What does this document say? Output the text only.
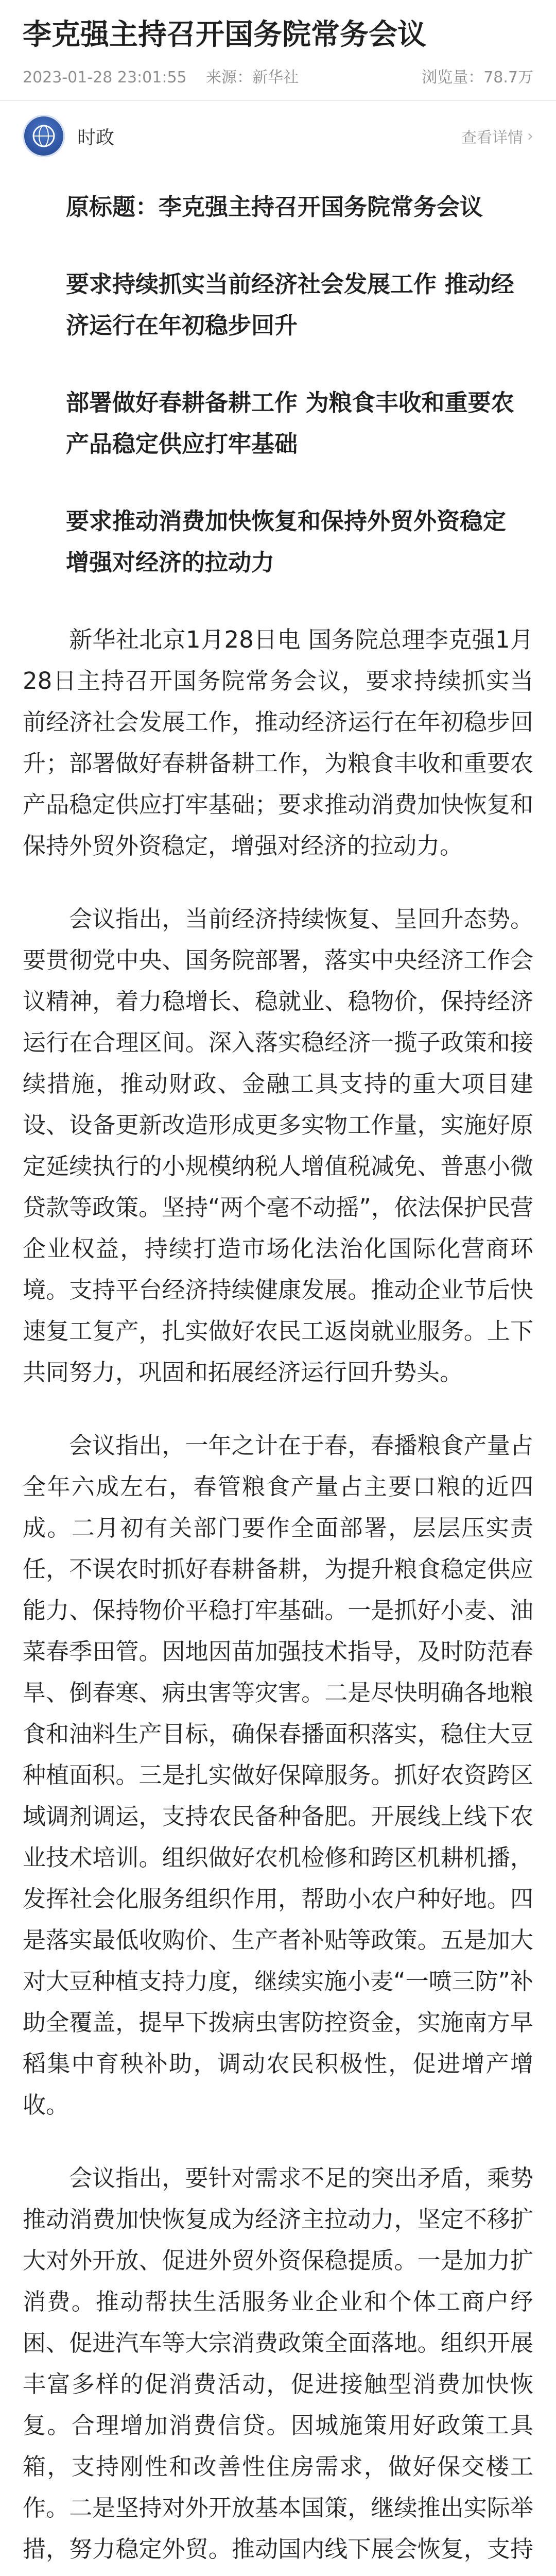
李克强主持召开国务院常务会议
2023-01-28 23:01:55 来源：新华社	浏览量：78.7万
时政	查看详情 ›

原标题：李克强主持召开国务院常务会议

要求持续抓实当前经济社会发展工作 推动经济运行在年初稳步回升

部署做好春耕备耕工作 为粮食丰收和重要农产品稳定供应打牢基础

要求推动消费加快恢复和保持外贸外资稳定 增强对经济的拉动力

新华社北京1月28日电 国务院总理李克强1月28日主持召开国务院常务会议，要求持续抓实当前经济社会发展工作，推动经济运行在年初稳步回升；部署做好春耕备耕工作，为粮食丰收和重要农产品稳定供应打牢基础；要求推动消费加快恢复和保持外贸外资稳定，增强对经济的拉动力。

会议指出，当前经济持续恢复、呈回升态势。要贯彻党中央、国务院部署，落实中央经济工作会议精神，着力稳增长、稳就业、稳物价，保持经济运行在合理区间。深入落实稳经济一揽子政策和接续措施，推动财政、金融工具支持的重大项目建设、设备更新改造形成更多实物工作量，实施好原定延续执行的小规模纳税人增值税减免、普惠小微贷款等政策。坚持“两个毫不动摇”，依法保护民营企业权益，持续打造市场化法治化国际化营商环境。支持平台经济持续健康发展。推动企业节后快速复工复产，扎实做好农民工返岗就业服务。上下共同努力，巩固和拓展经济运行回升势头。

会议指出，一年之计在于春，春播粮食产量占全年六成左右，春管粮食产量占主要口粮的近四成。二月初有关部门要作全面部署，层层压实责任，不误农时抓好春耕备耕，为提升粮食稳定供应能力、保持物价平稳打牢基础。一是抓好小麦、油菜春季田管。因地因苗加强技术指导，及时防范春旱、倒春寒、病虫害等灾害。二是尽快明确各地粮食和油料生产目标，确保春播面积落实，稳住大豆种植面积。三是扎实做好保障服务。抓好农资跨区域调剂调运，支持农民备种备肥。开展线上线下农业技术培训。组织做好农机检修和跨区机耕机播，发挥社会化服务组织作用，帮助小农户种好地。四是落实最低收购价、生产者补贴等政策。五是加大对大豆种植支持力度，继续实施小麦“一喷三防”补助全覆盖，提早下拨病虫害防控资金，实施南方早稻集中育秧补助，调动农民积极性，促进增产增收。

会议指出，要针对需求不足的突出矛盾，乘势推动消费加快恢复成为经济主拉动力，坚定不移扩大对外开放、促进外贸外资保稳提质。一是加力扩消费。推动帮扶生活服务业企业和个体工商户纾困、促进汽车等大宗消费政策全面落地。组织开展丰富多样的促消费活动，促进接触型消费加快恢复。合理增加消费信贷。因城施策用好政策工具箱，支持刚性和改善性住房需求，做好保交楼工作。二是坚持对外开放基本国策，继续推出实际举措，努力稳定外贸。推动国内线下展会恢复，支持
